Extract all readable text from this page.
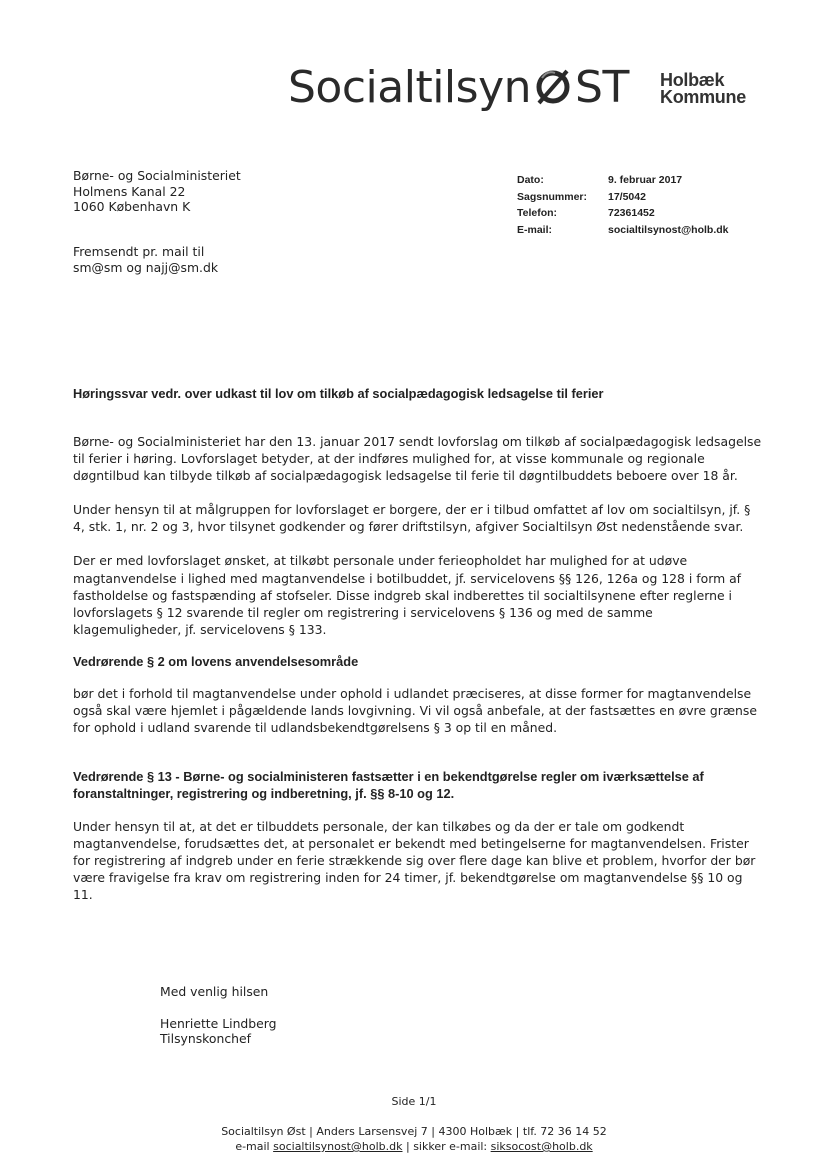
Socialtilsyn ST Holbæk
Kommune
Børne- og Socialministeriet
Holmens Kanal 22
1060 København K
Dato:	9. februar 2017
Sagsnummer:	17/5042
Telefon:	72361452
E-mail:	socialtilsynost@holb.dk
Fremsendt pr. mail til
sm@sm og najj@sm.dk
Høringssvar vedr. over udkast til lov om tilkøb af socialpædagogisk ledsagelse til ferier

Børne- og Socialministeriet har den 13. januar 2017 sendt lovforslag om tilkøb af socialpædagogisk ledsagelse til ferier i høring. Lovforslaget betyder, at der indføres mulighed for, at visse kommunale og regionale døgntilbud kan tilbyde tilkøb af socialpædagogisk ledsagelse til ferie til døgntilbuddets beboere over 18 år.

Under hensyn til at målgruppen for lovforslaget er borgere, der er i tilbud omfattet af lov om socialtilsyn, jf. § 4, stk. 1, nr. 2 og 3, hvor tilsynet godkender og fører driftstilsyn, afgiver Socialtilsyn Øst nedenstående svar.

Der er med lovforslaget ønsket, at tilkøbt personale under ferieopholdet har mulighed for at udøve magtanvendelse i lighed med magtanvendelse i botilbuddet, jf. servicelovens §§ 126, 126a og 128 i form af fastholdelse og fastspænding af stofseler. Disse indgreb skal indberettes til socialtilsynene efter reglerne i lovforslagets § 12 svarende til regler om registrering i servicelovens § 136 og med de samme klagemuligheder, jf. servicelovens § 133.

Vedrørende § 2 om lovens anvendelsesområde

bør det i forhold til magtanvendelse under ophold i udlandet præciseres, at disse former for magtanvendelse også skal være hjemlet i pågældende lands lovgivning. Vi vil også anbefale, at der fastsættes en øvre grænse for ophold i udland svarende til udlandsbekendtgørelsens § 3 op til en måned.

Vedrørende § 13 - Børne- og socialministeren fastsætter i en bekendtgørelse regler om iværksættelse af foranstaltninger, registrering og indberetning, jf. §§ 8-10 og 12.

Under hensyn til at, at det er tilbuddets personale, der kan tilkøbes og da der er tale om godkendt magtanvendelse, forudsættes det, at personalet er bekendt med betingelserne for magtanvendelsen. Frister for registrering af indgreb under en ferie strækkende sig over flere dage kan blive et problem, hvorfor der bør være fravigelse fra krav om registrering inden for 24 timer, jf. bekendtgørelse om magtanvendelse §§ 10 og 11.

Med venlig hilsen
Henriette Lindberg
Tilsynskonchef
Side 1/1
Socialtilsyn Øst | Anders Larsensvej 7 | 4300 Holbæk | tlf. 72 36 14 52
e-mail socialtilsynost@holb.dk | sikker e-mail: siksocost@holb.dk
